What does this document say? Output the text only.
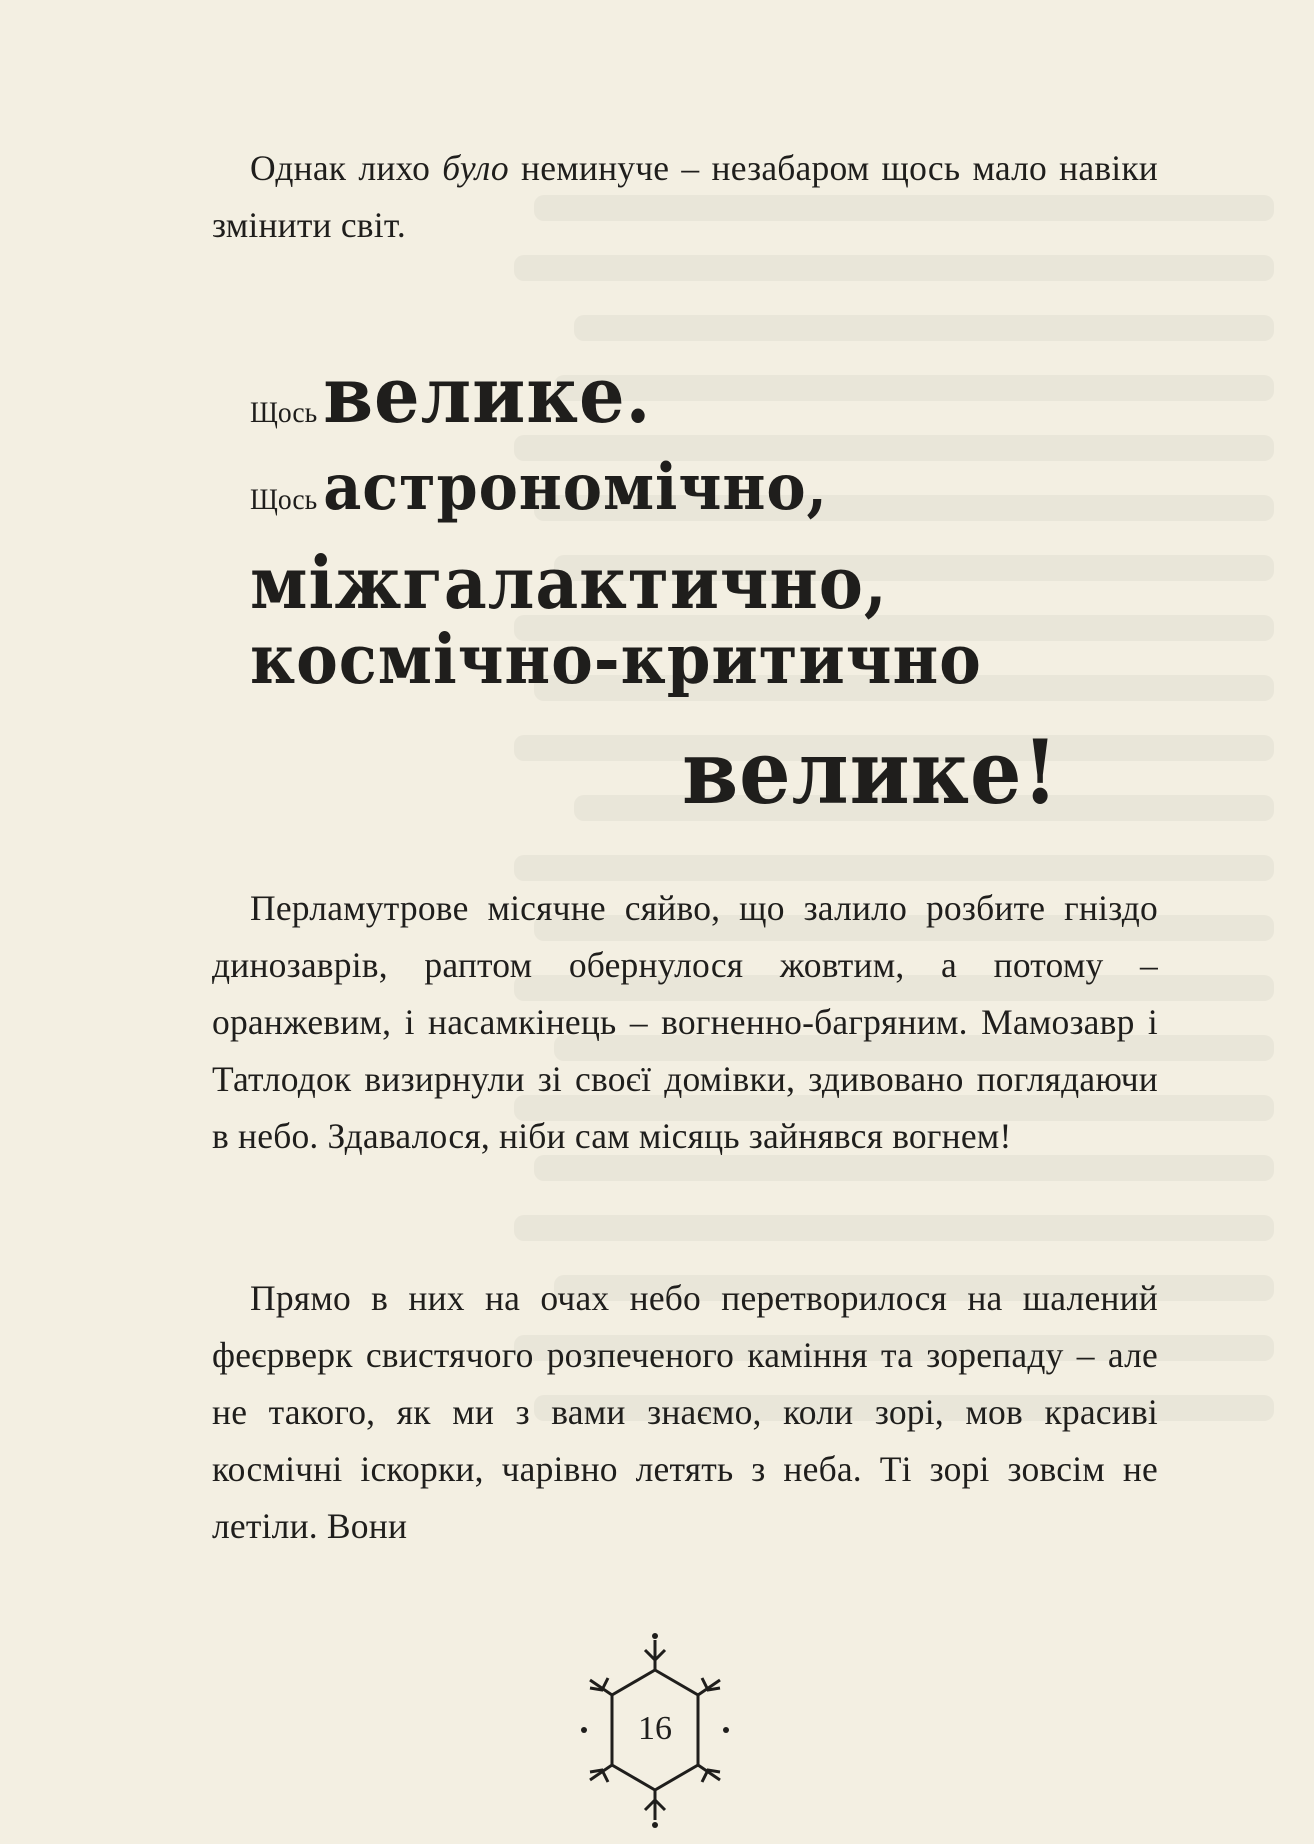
Однак лихо було неминуче – незабаром щось мало навіки змінити світ.

Щось велике.
Щось астрономічно,
міжгалактично,
космічно-критично
велике!

Перламутрове місячне сяйво, що залило розбите гніздо динозаврів, раптом обернулося жовтим, а потому – оранжевим, і насамкінець – вогненно-багряним. Мамозавр і Татлодок визирнули зі своєї домівки, здивовано поглядаючи в небо. Здавалося, ніби сам місяць зайнявся вогнем!

Прямо в них на очах небо перетворилося на шалений феєрверк свистячого розпеченого каміння та зорепаду – але не такого, як ми з вами знаємо, коли зорі, мов красиві космічні іскорки, чарівно летять з неба. Ті зорі зовсім не летіли. Вони

16
